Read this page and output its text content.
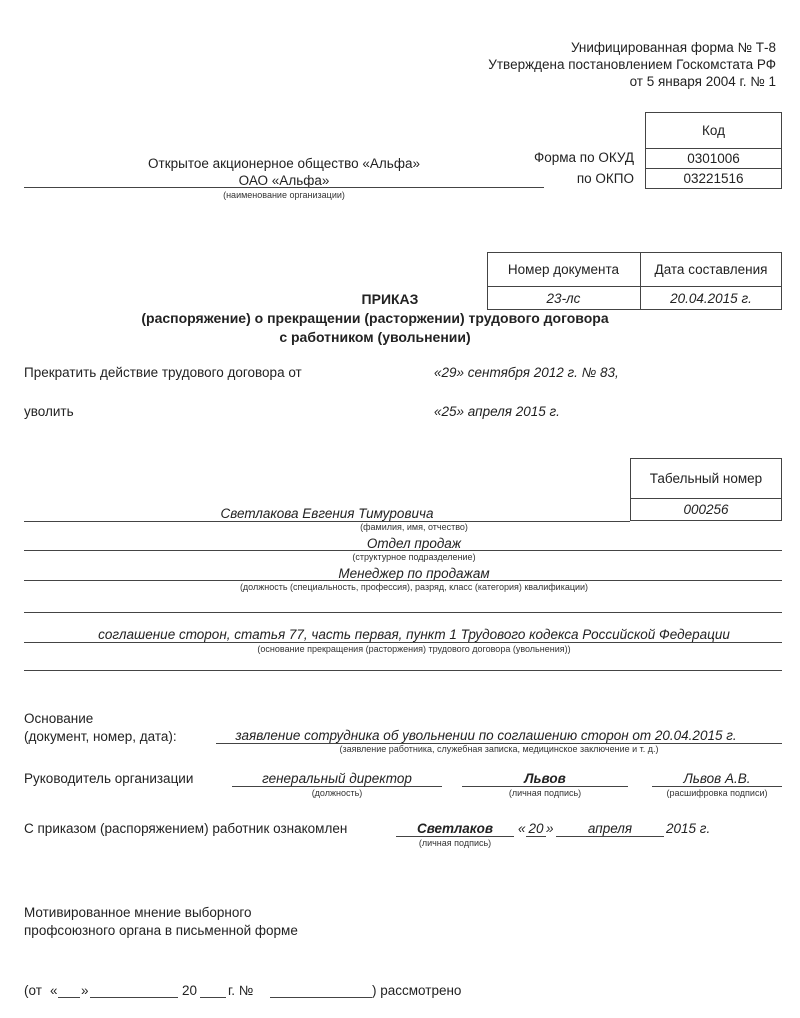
Унифицированная форма № Т-8
Утверждена постановлением Госкомстата РФ
от 5 января 2004 г. № 1
Код
0301006
03221516
Форма по ОКУД
по ОКПО
Открытое акционерное общество «Альфа»
ОАО «Альфа»
(наименование организации)
Номер документа	Дата составления
23-лс	20.04.2015 г.
ПРИКАЗ
(распоряжение) о прекращении (расторжении) трудового договора
с работником (увольнении)
Прекратить действие трудового договора от	«29» сентября 2012 г. № 83,
уволить	«25» апреля 2015 г.
Табельный номер
000256
Светлакова Евгения Тимуровича
(фамилия, имя, отчество)
Отдел продаж
(структурное подразделение)
Менеджер по продажам
(должность (специальность, профессия), разряд, класс (категория) квалификации)
соглашение сторон, статья 77, часть первая, пункт 1 Трудового кодекса Российской Федерации
(основание прекращения (расторжения) трудового договора (увольнения))
Основание
(документ, номер, дата):	заявление сотрудника об увольнении по соглашению сторон от 20.04.2015 г.
(заявление работника, служебная записка, медицинское заключение и т. д.)
Руководитель организации	генеральный директор
(должность)
Львов
(личная подпись)
Львов А.В.
(расшифровка подписи)
С приказом (распоряжением) работник ознакомлен	Светлаков
(личная подпись)
« 20 »	апреля	2015 г.
Мотивированное мнение выборного
профсоюзного органа в письменной форме
(от « »	20 г. №	) рассмотрено
